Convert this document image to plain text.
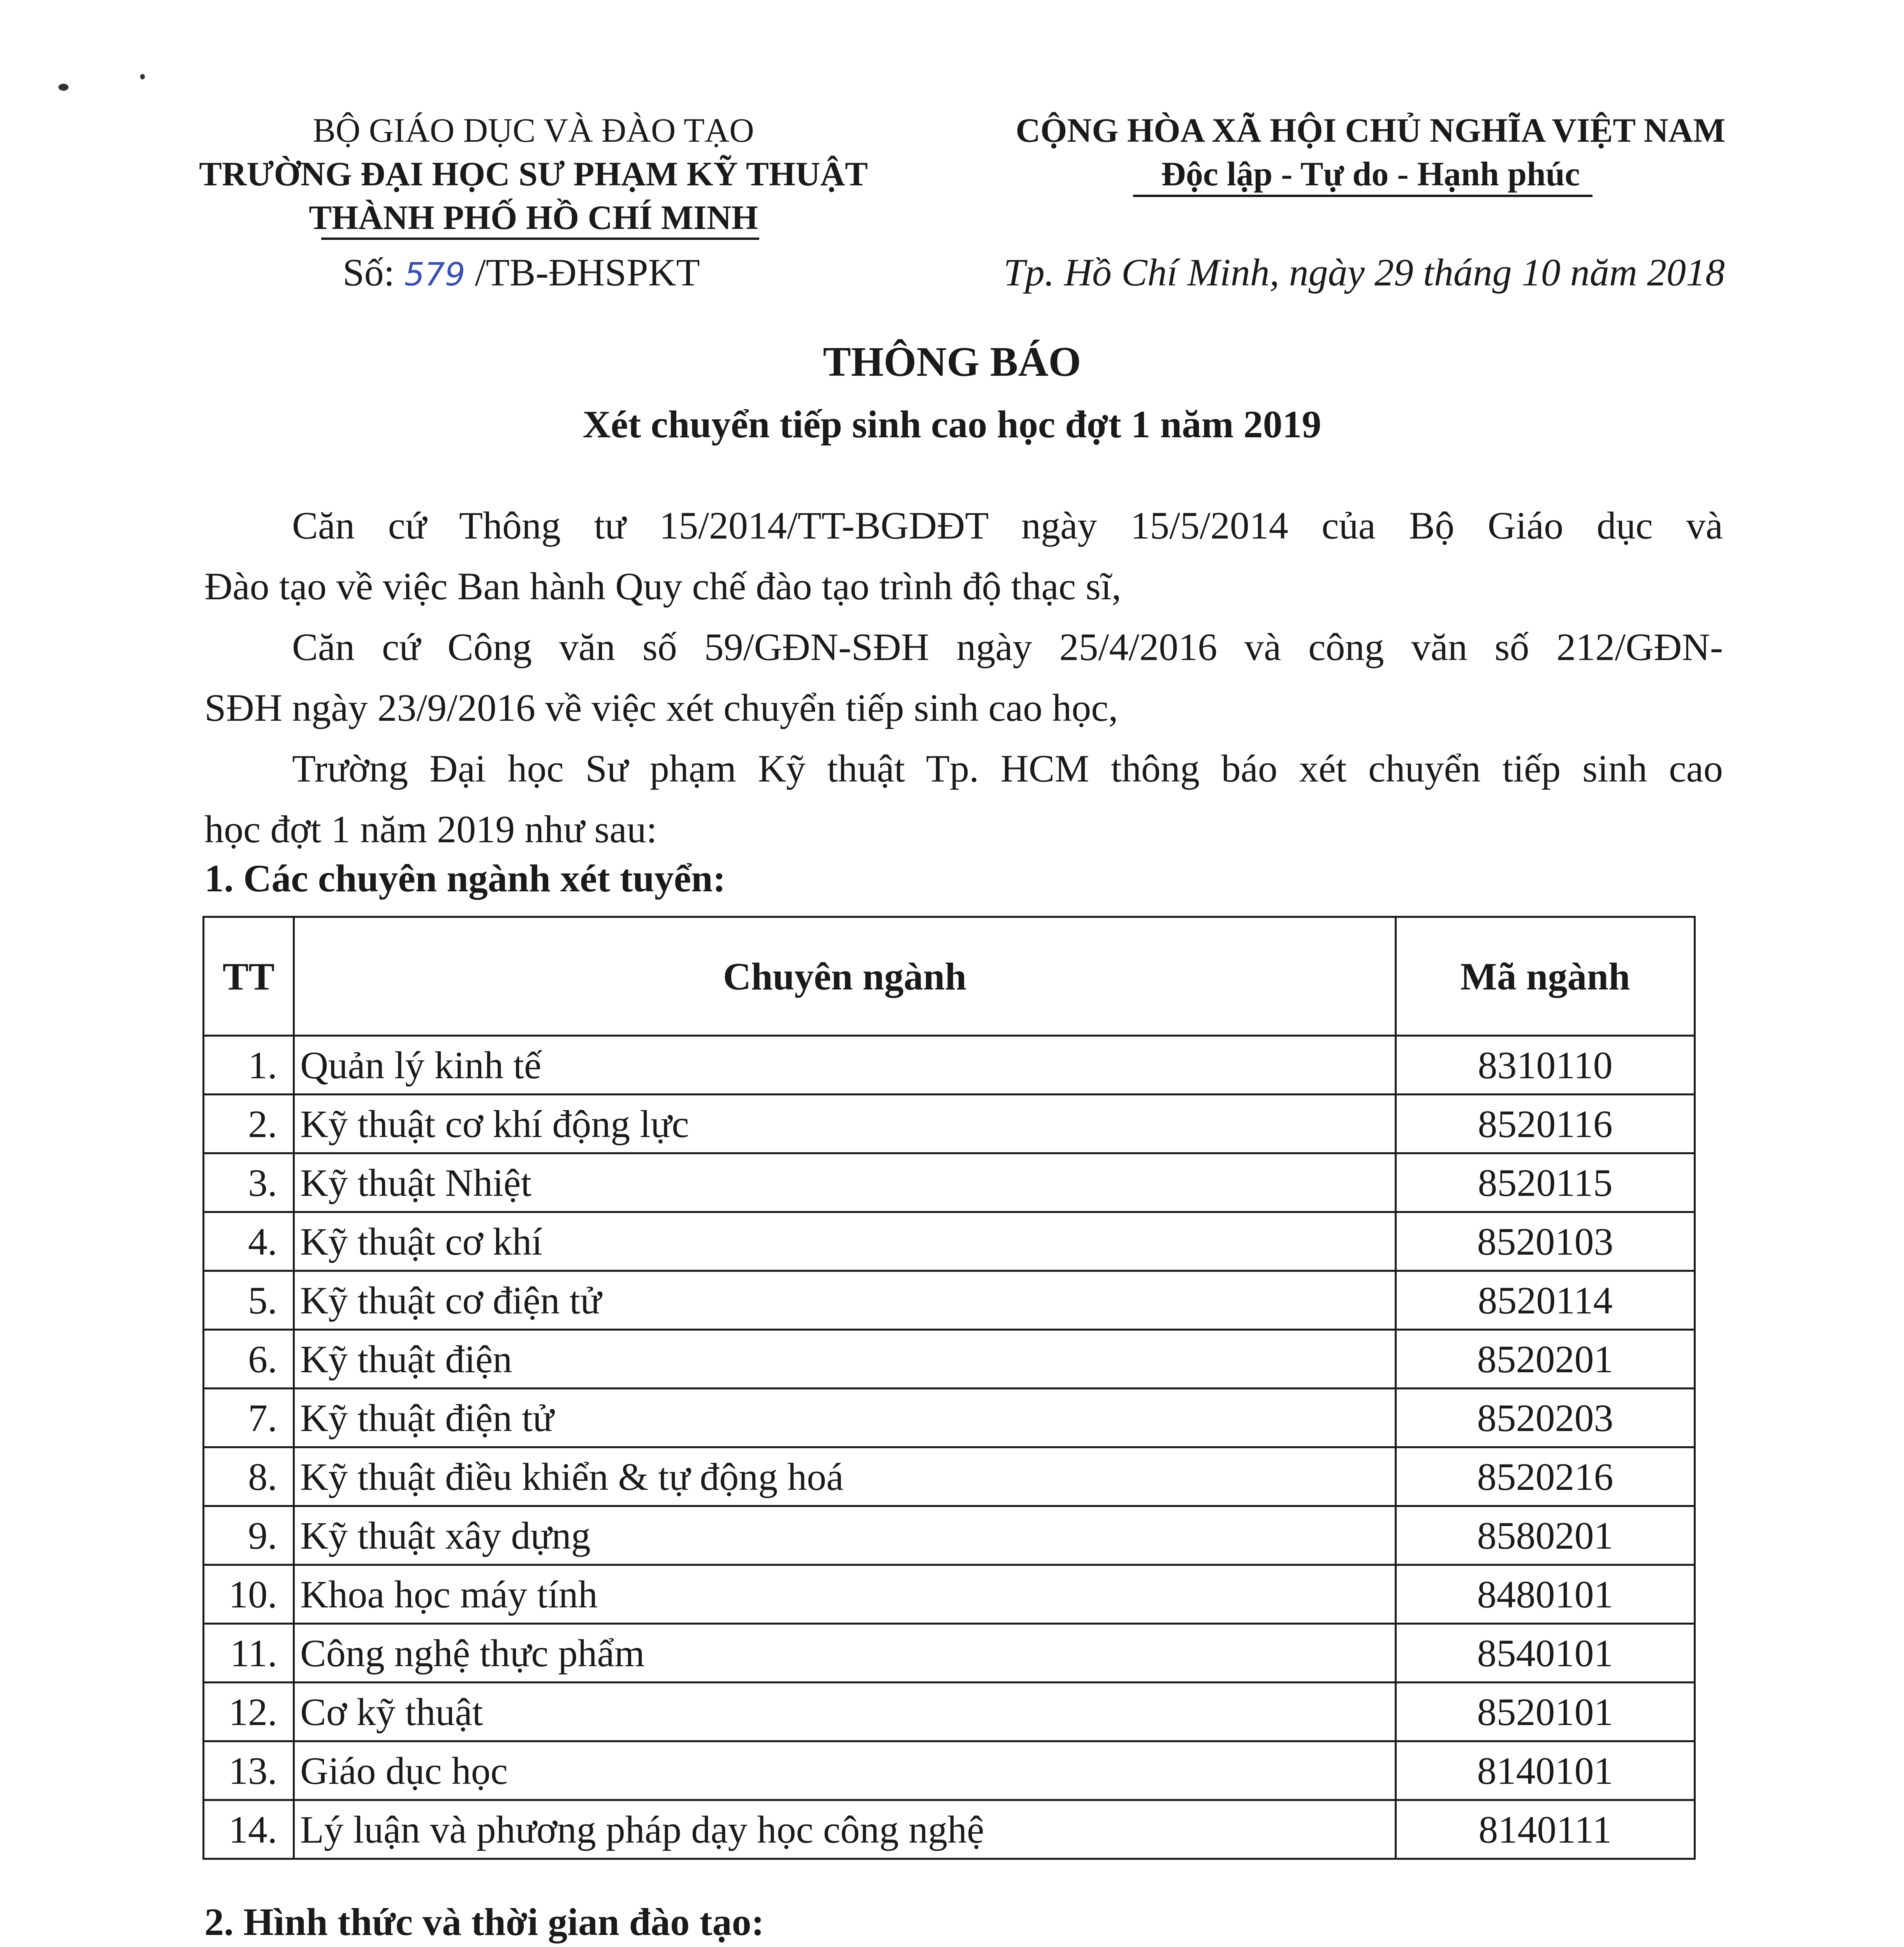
BỘ GIÁO DỤC VÀ ĐÀO TẠO
TRƯỜNG ĐẠI HỌC SƯ PHẠM KỸ THUẬT
THÀNH PHỐ HỒ CHÍ MINH
Số: 579 /TB-ĐHSPKT
CỘNG HÒA XÃ HỘI CHỦ NGHĨA VIỆT NAM
Độc lập - Tự do - Hạnh phúc
Tp. Hồ Chí Minh, ngày 29 tháng 10 năm 2018
THÔNG BÁO
Xét chuyển tiếp sinh cao học đợt 1 năm 2019
Căn cứ Thông tư 15/2014/TT-BGDĐT ngày 15/5/2014 của Bộ Giáo dục và
Đào tạo về việc Ban hành Quy chế đào tạo trình độ thạc sĩ,
Căn cứ Công văn số 59/GĐN-SĐH ngày 25/4/2016 và công văn số 212/GĐN-
SĐH ngày 23/9/2016 về việc xét chuyển tiếp sinh cao học,
Trường Đại học Sư phạm Kỹ thuật Tp. HCM thông báo xét chuyển tiếp sinh cao
học đợt 1 năm 2019 như sau:
1. Các chuyên ngành xét tuyển:
TT	Chuyên ngành	Mã ngành
1.	Quản lý kinh tế	8310110
2.	Kỹ thuật cơ khí động lực	8520116
3.	Kỹ thuật Nhiệt	8520115
4.	Kỹ thuật cơ khí	8520103
5.	Kỹ thuật cơ điện tử	8520114
6.	Kỹ thuật điện	8520201
7.	Kỹ thuật điện tử	8520203
8.	Kỹ thuật điều khiển & tự động hoá	8520216
9.	Kỹ thuật xây dựng	8580201
10.	Khoa học máy tính	8480101
11.	Công nghệ thực phẩm	8540101
12.	Cơ kỹ thuật	8520101
13.	Giáo dục học	8140101
14.	Lý luận và phương pháp dạy học công nghệ	8140111
2. Hình thức và thời gian đào tạo:
